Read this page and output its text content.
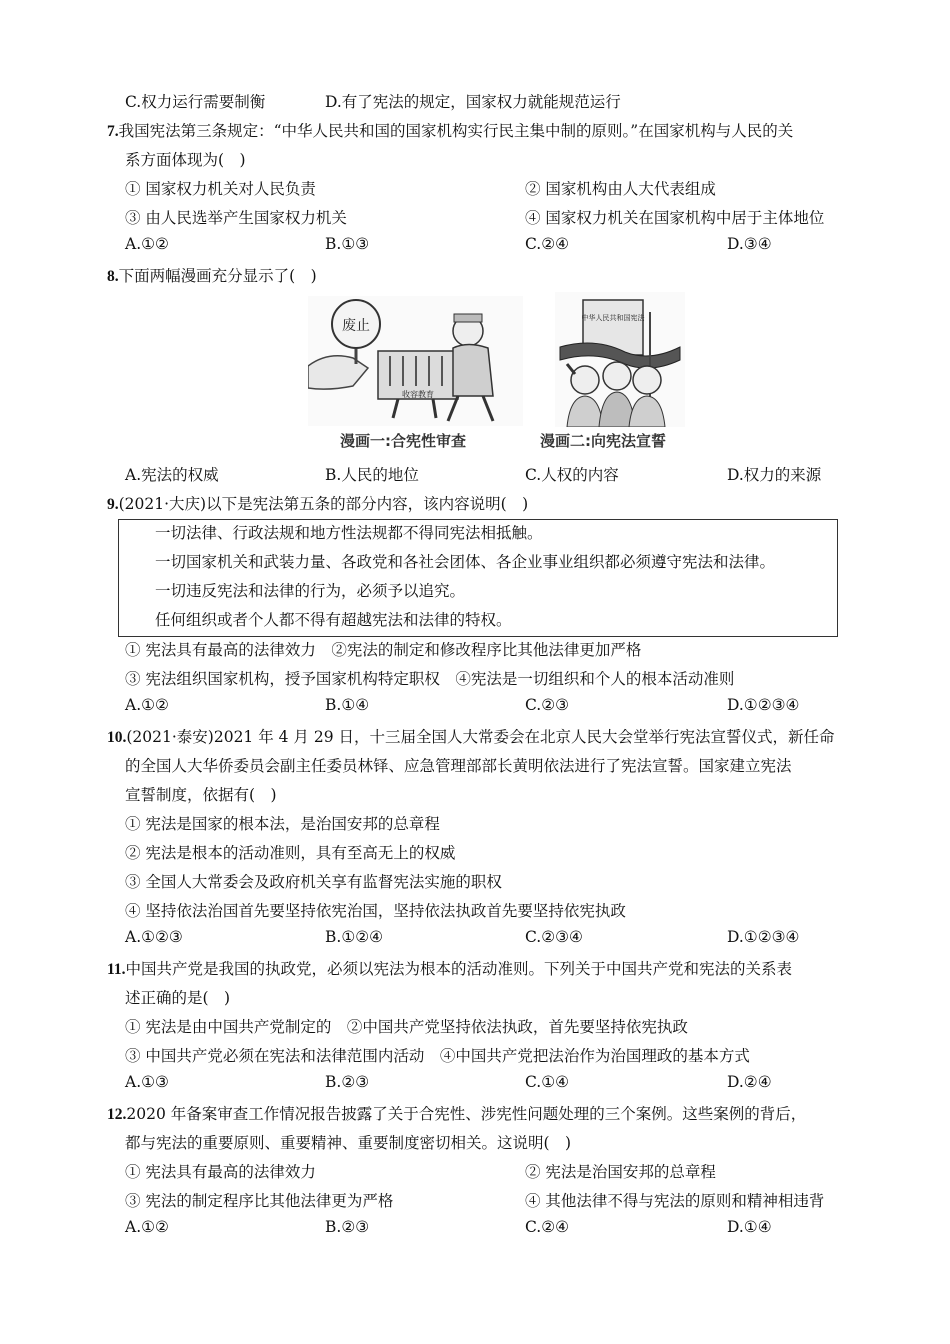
C.权力运行需要制衡	D.有了宪法的规定，国家权力就能规范运行
7.我国宪法第三条规定：“中华人民共和国的国家机构实行民主集中制的原则。”在国家机构与人民的关
系方面体现为(　)
① 国家权力机关对人民负责	② 国家机构由人大代表组成
③ 由人民选举产生国家权力机关	④ 国家权力机关在国家机构中居于主体地位
A.①②	B.①③	C.②④	D.③④
8.下面两幅漫画充分显示了(　)
废止
收容教育
漫画一:合宪性审查
中华人民共和国宪法
漫画二:向宪法宣誓
A.宪法的权威	B.人民的地位	C.人权的内容	D.权力的来源
9.(2021·大庆)以下是宪法第五条的部分内容，该内容说明(　)
一切法律、行政法规和地方性法规都不得同宪法相抵触。
一切国家机关和武装力量、各政党和各社会团体、各企业事业组织都必须遵守宪法和法律。
一切违反宪法和法律的行为，必须予以追究。
任何组织或者个人都不得有超越宪法和法律的特权。
① 宪法具有最高的法律效力　②宪法的制定和修改程序比其他法律更加严格
③ 宪法组织国家机构，授予国家机构特定职权　④宪法是一切组织和个人的根本活动准则
A.①②	B.①④	C.②③	D.①②③④
10.(2021·泰安)2021 年 4 月 29 日，十三届全国人大常委会在北京人民大会堂举行宪法宣誓仪式，新任命
的全国人大华侨委员会副主任委员林铎、应急管理部部长黄明依法进行了宪法宣誓。国家建立宪法
宣誓制度，依据有(　)
① 宪法是国家的根本法，是治国安邦的总章程
② 宪法是根本的活动准则，具有至高无上的权威
③ 全国人大常委会及政府机关享有监督宪法实施的职权
④ 坚持依法治国首先要坚持依宪治国，坚持依法执政首先要坚持依宪执政
A.①②③	B.①②④	C.②③④	D.①②③④
11.中国共产党是我国的执政党，必须以宪法为根本的活动准则。下列关于中国共产党和宪法的关系表
述正确的是(　)
① 宪法是由中国共产党制定的　②中国共产党坚持依法执政，首先要坚持依宪执政
③ 中国共产党必须在宪法和法律范围内活动　④中国共产党把法治作为治国理政的基本方式
A.①③	B.②③	C.①④	D.②④
12.2020 年备案审查工作情况报告披露了关于合宪性、涉宪性问题处理的三个案例。这些案例的背后，
都与宪法的重要原则、重要精神、重要制度密切相关。这说明(　)
① 宪法具有最高的法律效力	② 宪法是治国安邦的总章程
③ 宪法的制定程序比其他法律更为严格	④ 其他法律不得与宪法的原则和精神相违背
A.①②	B.②③	C.②④	D.①④
